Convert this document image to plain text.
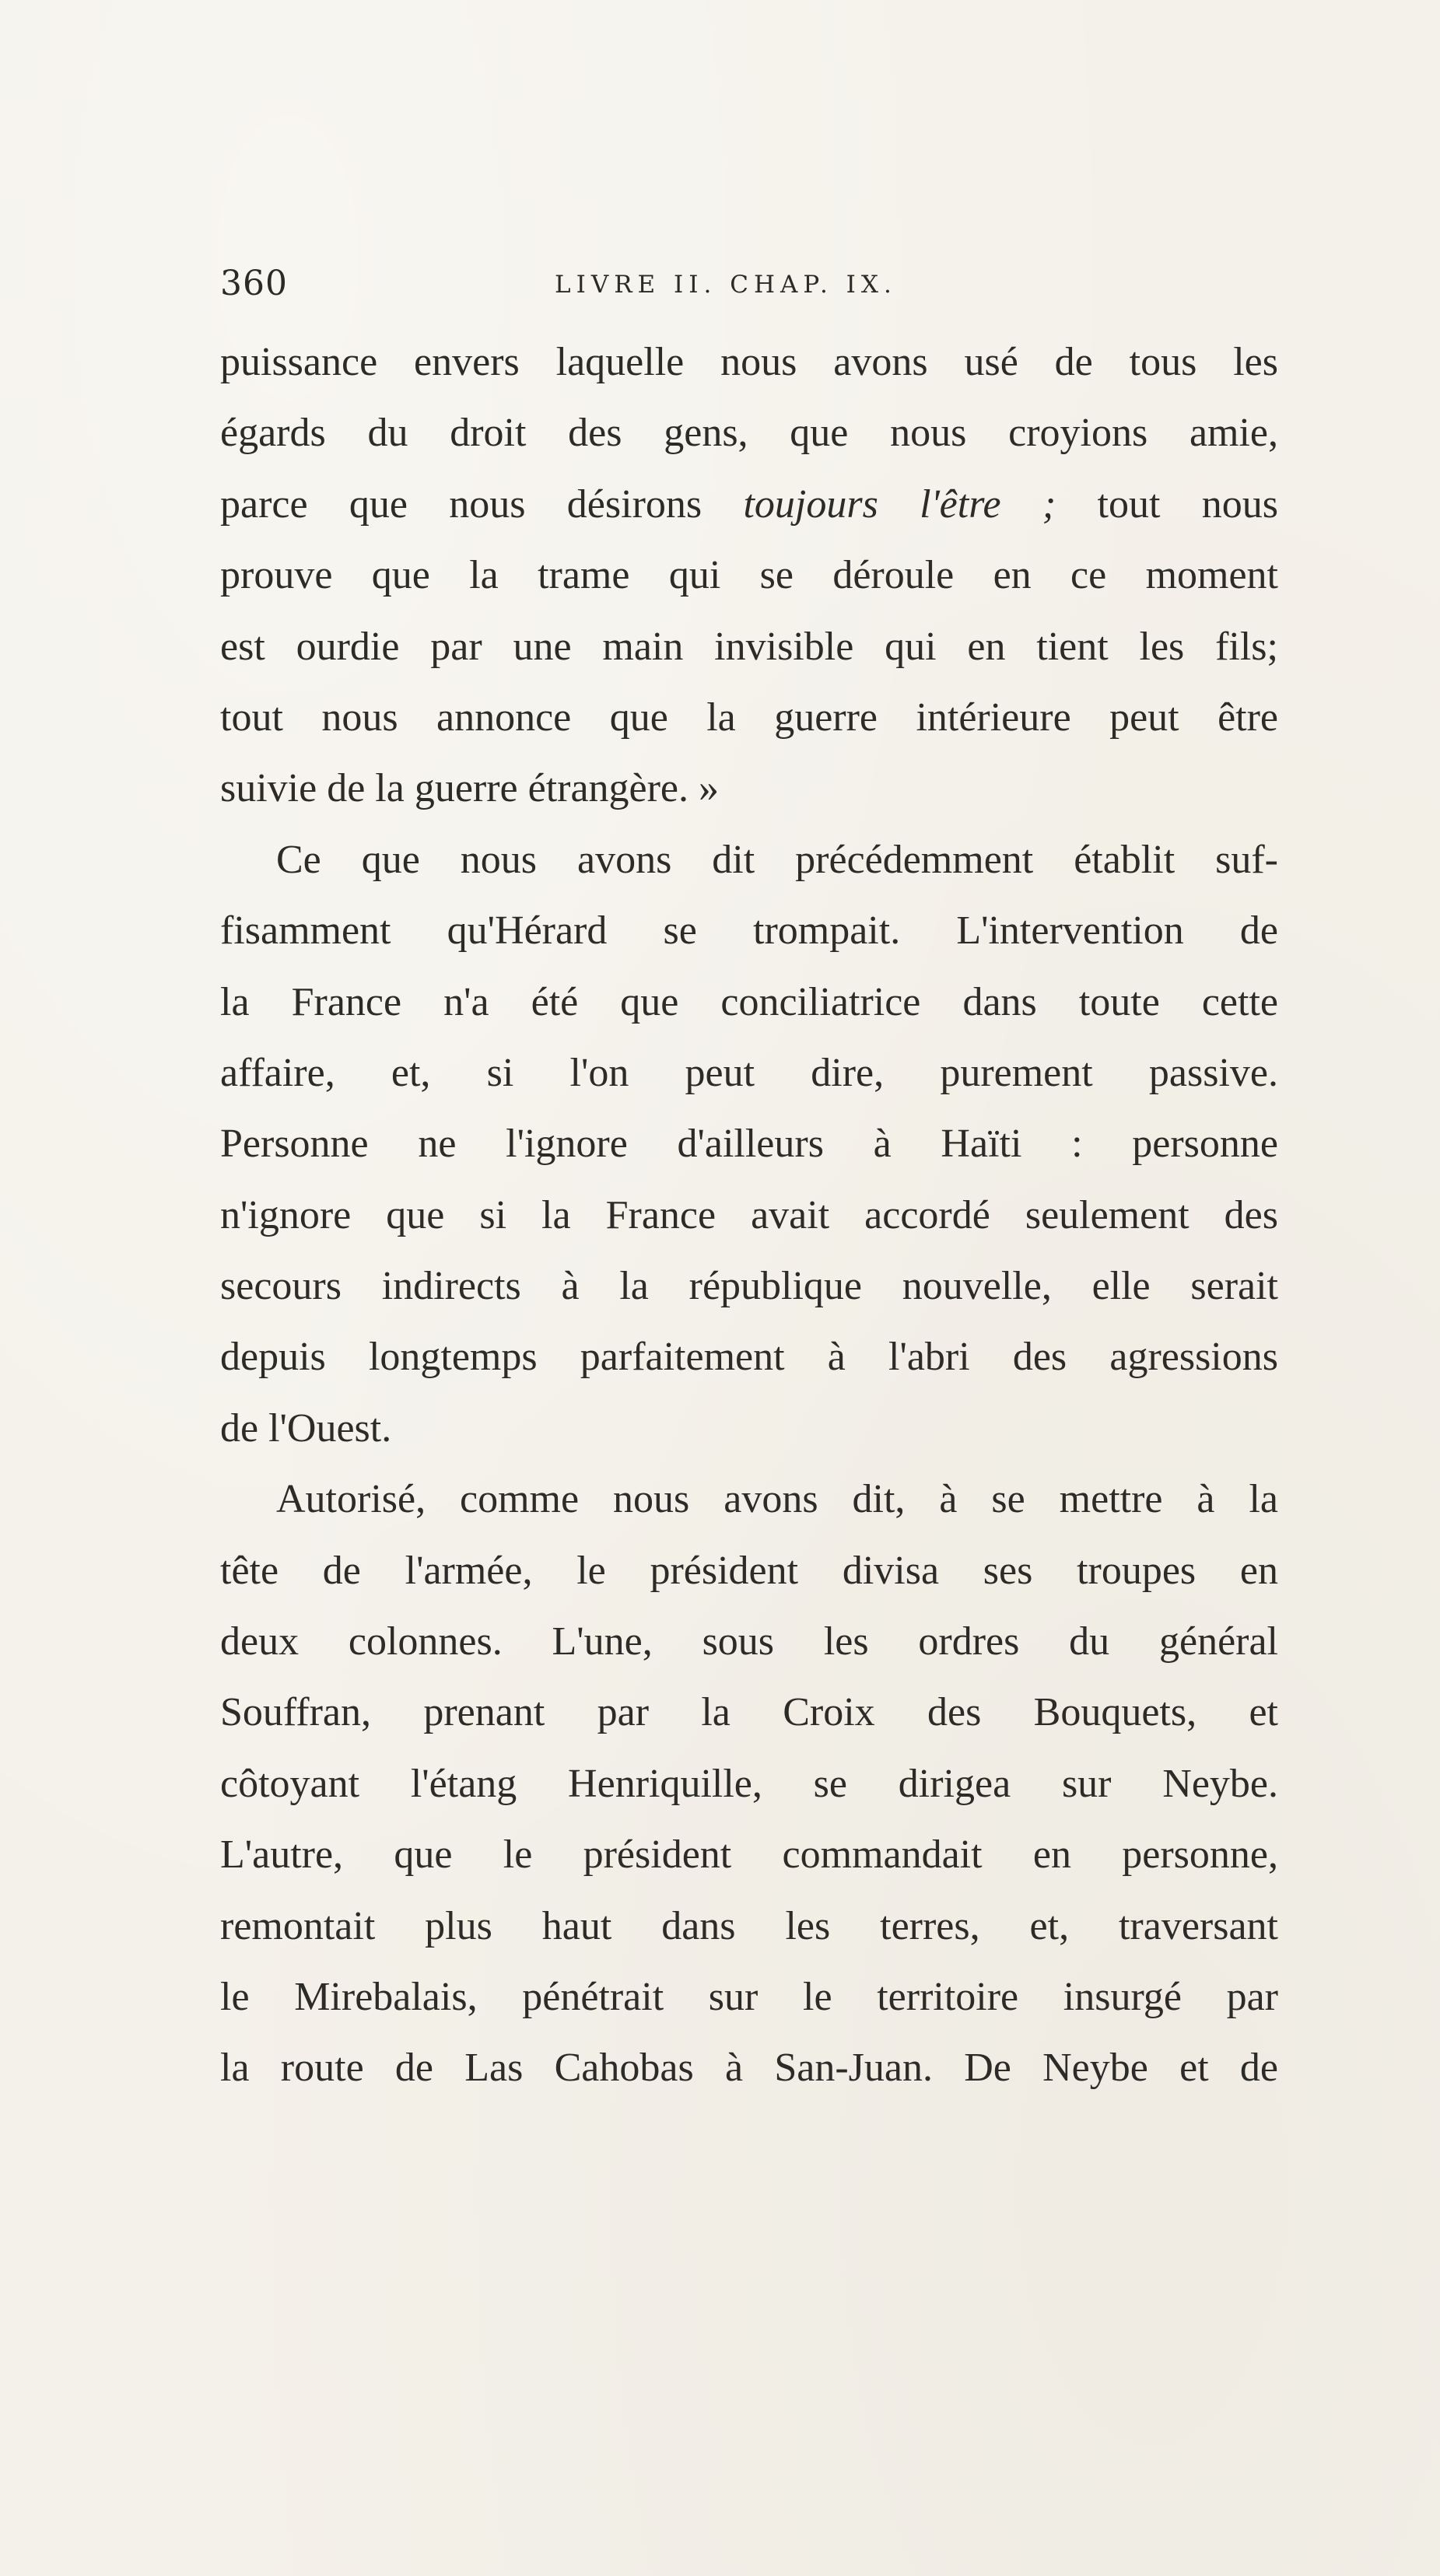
360	LIVRE II. CHAP. IX.
puissance envers laquelle nous avons usé de tous les
égards du droit des gens, que nous croyions amie,
parce que nous désirons toujours l'être ; tout nous
prouve que la trame qui se déroule en ce moment
est ourdie par une main invisible qui en tient les fils;
tout nous annonce que la guerre intérieure peut être
suivie de la guerre étrangère. »
Ce que nous avons dit précédemment établit suf-
fisamment qu'Hérard se trompait. L'intervention de
la France n'a été que conciliatrice dans toute cette
affaire, et, si l'on peut dire, purement passive.
Personne ne l'ignore d'ailleurs à Haïti : personne
n'ignore que si la France avait accordé seulement des
secours indirects à la république nouvelle, elle serait
depuis longtemps parfaitement à l'abri des agressions
de l'Ouest.
Autorisé, comme nous avons dit, à se mettre à la
tête de l'armée, le président divisa ses troupes en
deux colonnes. L'une, sous les ordres du général
Souffran, prenant par la Croix des Bouquets, et
côtoyant l'étang Henriquille, se dirigea sur Neybe.
L'autre, que le président commandait en personne,
remontait plus haut dans les terres, et, traversant
le Mirebalais, pénétrait sur le territoire insurgé par
la route de Las Cahobas à San-Juan. De Neybe et de
